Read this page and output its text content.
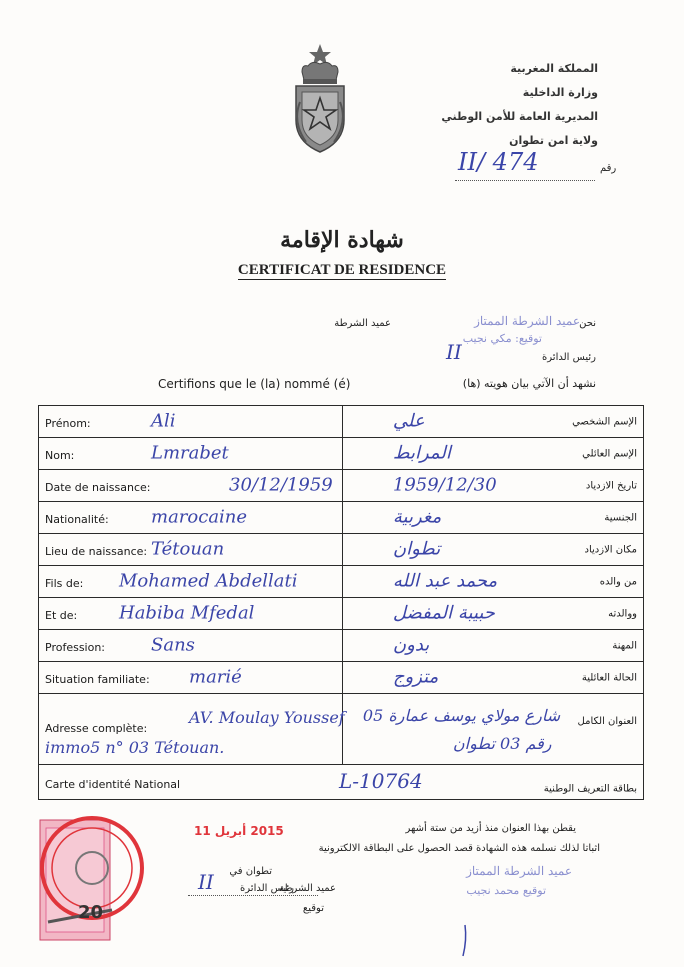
المملكة المغربية
وزارة الداخلية
المديرية العامة للأمن الوطني
ولاية امن تطوان
رقم
II/ 474
شهادة الإقامة
CERTIFICAT DE RESIDENCE
نحن
عميد الشرطة	عميد الشرطة الممتاز
توقيع: مكي نجيب
II	رئيس الدائرة
Certifions que le (la) nommé (é)	نشهد أن الآتي بيان هويته (ها)
Prénom: Ali	علي الإسم الشخصي

Nom: Lmrabet	المرابط الإسم العائلي

Date de naissance: 30/12/1959	1959/12/30 تاريخ الازدياد

Nationalité: marocaine	مغربية الجنسية

Lieu de naissance: Tétouan	تطوان مكان الازدياد

Fils de: Mohamed Abdellati	محمد عبد الله من والده

Et de: Habiba Mfedal	حبيبة المفضل ووالدته

Profession: Sans	بدون المهنة

Situation familiate: marié	متزوج الحالة العائلية

AV. Moulay Youssef
Adresse complète:
immo5 n° 03 Tétouan.	شارع مولاي يوسف عمارة 05
رقم 03 تطوان
العنوان الكامل

Carte d'identité National L-10764 بطاقة التعريف الوطنية	
يقطن بهذا العنوان منذ أزيد من ستة أشهر
اثباتا لذلك نسلمه هذه الشهادة قصد الحصول على البطاقة الالكترونية
تطوان في
عميد الشرطة
رئيس الدائرة
توقيع
II	عميد الشرطة الممتاز
توقيع محمد نجيب
2015 أبريل 11
20
